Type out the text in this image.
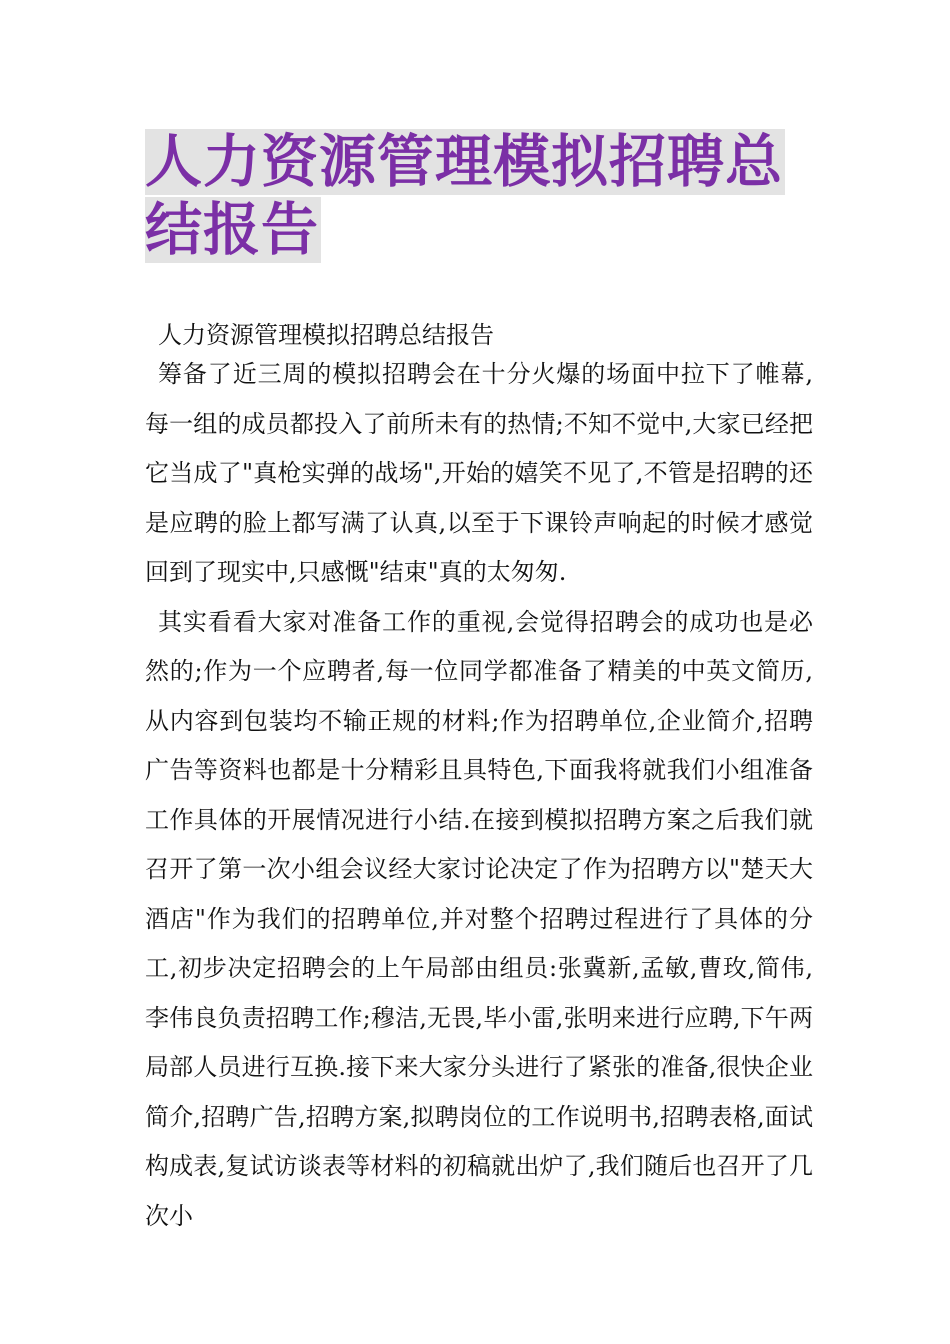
人力资源管理模拟招聘总结报告

人力资源管理模拟招聘总结报告

筹备了近三周的模拟招聘会在十分火爆的场面中拉下了帷幕,每一组的成员都投入了前所未有的热情;不知不觉中,大家已经把它当成了"真枪实弹的战场",开始的嬉笑不见了,不管是招聘的还是应聘的脸上都写满了认真,以至于下课铃声响起的时候才感觉回到了现实中,只感慨"结束"真的太匆匆.

其实看看大家对准备工作的重视,会觉得招聘会的成功也是必然的;作为一个应聘者,每一位同学都准备了精美的中英文简历,从内容到包装均不输正规的材料;作为招聘单位,企业简介,招聘广告等资料也都是十分精彩且具特色,下面我将就我们小组准备工作具体的开展情况进行小结.在接到模拟招聘方案之后我们就召开了第一次小组会议经大家讨论决定了作为招聘方以"楚天大酒店"作为我们的招聘单位,并对整个招聘过程进行了具体的分工,初步决定招聘会的上午局部由组员:张冀新,孟敏,曹玫,简伟,李伟良负责招聘工作;穆洁,无畏,毕小雷,张明来进行应聘,下午两局部人员进行互换.接下来大家分头进行了紧张的准备,很快企业简介,招聘广告,招聘方案,拟聘岗位的工作说明书,招聘表格,面试构成表,复试访谈表等材料的初稿就出炉了,我们随后也召开了几次小
